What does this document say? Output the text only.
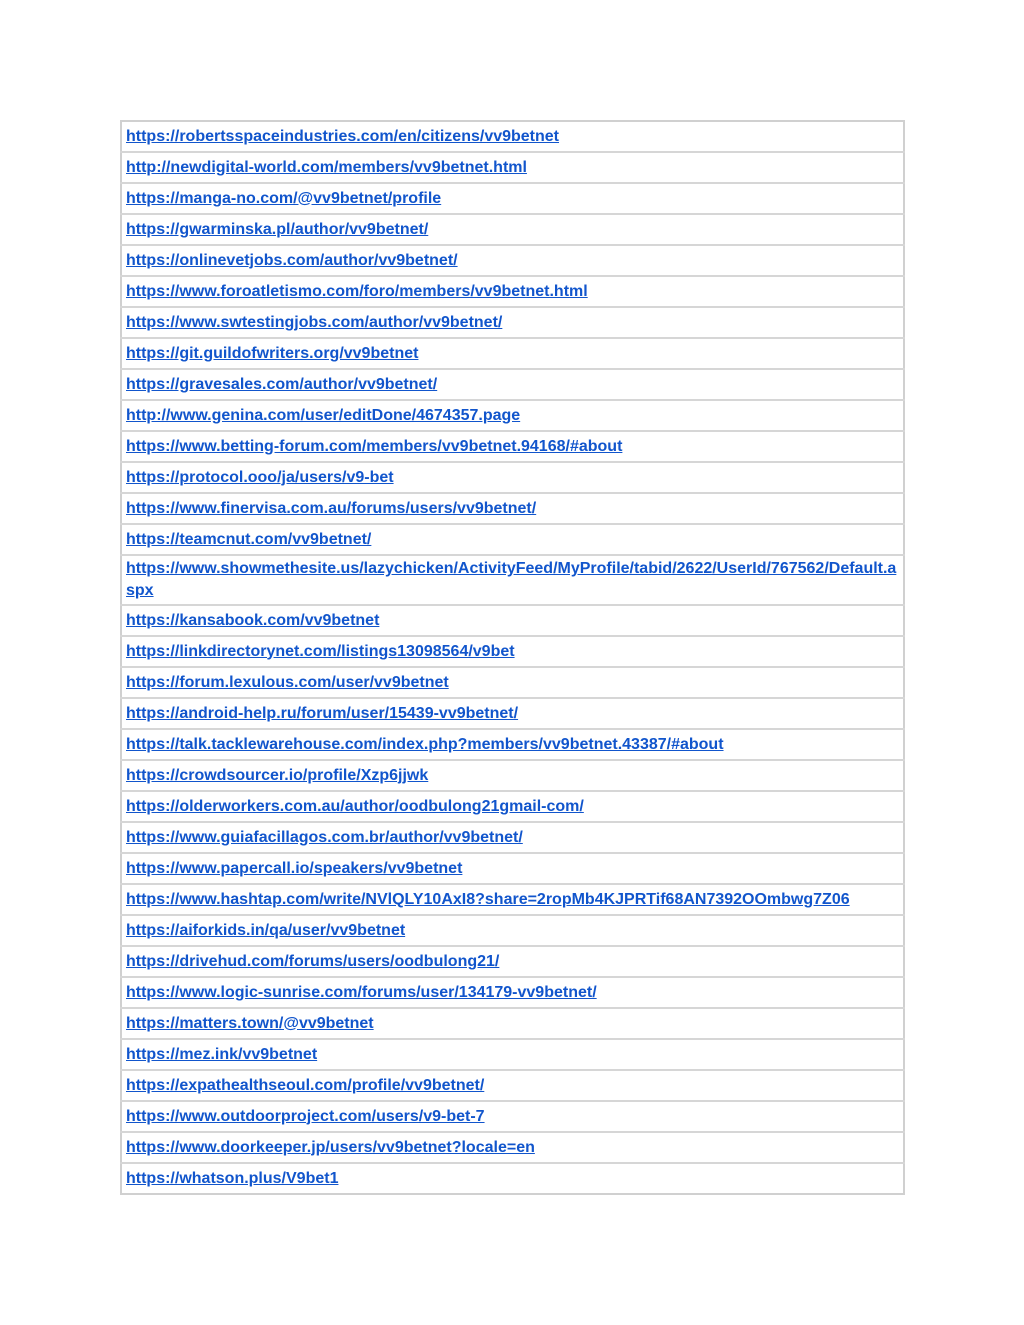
https://robertsspaceindustries.com/en/citizens/vv9betnet
http://newdigital-world.com/members/vv9betnet.html
https://manga-no.com/@vv9betnet/profile
https://gwarminska.pl/author/vv9betnet/
https://onlinevetjobs.com/author/vv9betnet/
https://www.foroatletismo.com/foro/members/vv9betnet.html
https://www.swtestingjobs.com/author/vv9betnet/
https://git.guildofwriters.org/vv9betnet
https://gravesales.com/author/vv9betnet/
http://www.genina.com/user/editDone/4674357.page
https://www.betting-forum.com/members/vv9betnet.94168/#about
https://protocol.ooo/ja/users/v9-bet
https://www.finervisa.com.au/forums/users/vv9betnet/
https://teamcnut.com/vv9betnet/
https://www.showmethesite.us/lazychicken/ActivityFeed/MyProfile/tabid/2622/UserId/767562/Default.aspx
https://kansabook.com/vv9betnet
https://linkdirectorynet.com/listings13098564/v9bet
https://forum.lexulous.com/user/vv9betnet
https://android-help.ru/forum/user/15439-vv9betnet/
https://talk.tacklewarehouse.com/index.php?members/vv9betnet.43387/#about
https://crowdsourcer.io/profile/Xzp6jjwk
https://olderworkers.com.au/author/oodbulong21gmail-com/
https://www.guiafacillagos.com.br/author/vv9betnet/
https://www.papercall.io/speakers/vv9betnet
https://www.hashtap.com/write/NVlQLY10AxI8?share=2ropMb4KJPRTif68AN7392OOmbwg7Z06
https://aiforkids.in/qa/user/vv9betnet
https://drivehud.com/forums/users/oodbulong21/
https://www.logic-sunrise.com/forums/user/134179-vv9betnet/
https://matters.town/@vv9betnet
https://mez.ink/vv9betnet
https://expathealthseoul.com/profile/vv9betnet/
https://www.outdoorproject.com/users/v9-bet-7
https://www.doorkeeper.jp/users/vv9betnet?locale=en
https://whatson.plus/V9bet1
